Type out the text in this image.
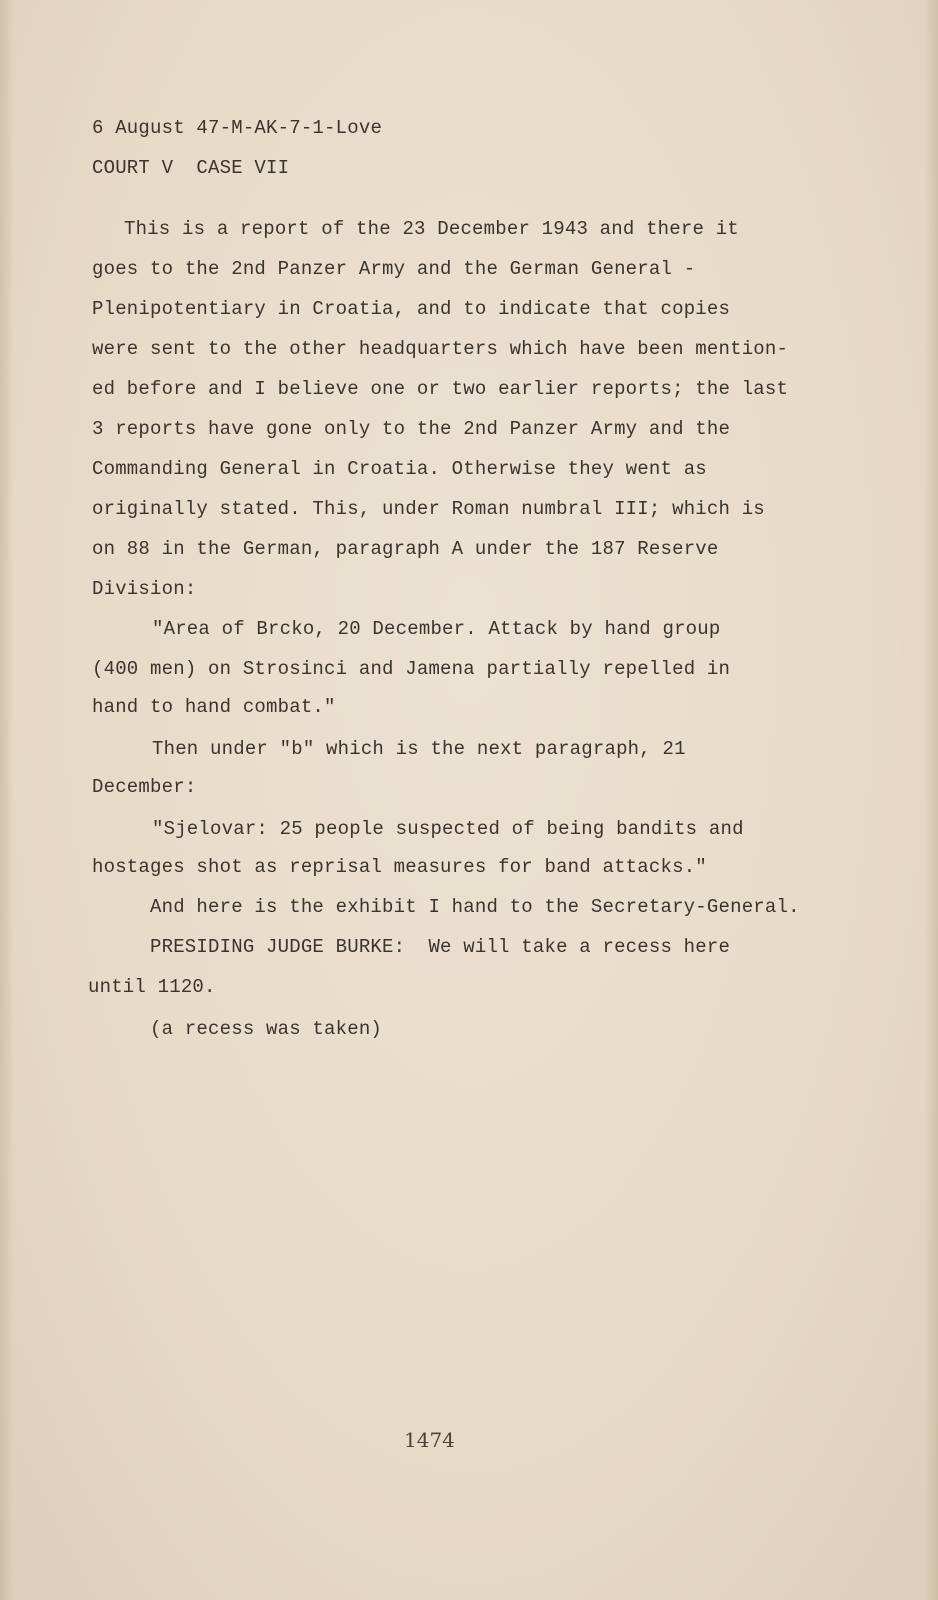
6 August 47-M-AK-7-1-Love
COURT V  CASE VII
This is a report of the 23 December 1943 and there it
goes to the 2nd Panzer Army and the German General -
Plenipotentiary in Croatia, and to indicate that copies
were sent to the other headquarters which have been mention-
ed before and I believe one or two earlier reports; the last
3 reports have gone only to the 2nd Panzer Army and the
Commanding General in Croatia. Otherwise they went as
originally stated. This, under Roman numbral III; which is
on 88 in the German, paragraph A under the 187 Reserve
Division:
"Area of Brcko, 20 December. Attack by hand group
(400 men) on Strosinci and Jamena partially repelled in
hand to hand combat."
Then under "b" which is the next paragraph, 21
December:
"Sjelovar: 25 people suspected of being bandits and
hostages shot as reprisal measures for band attacks."
And here is the exhibit I hand to the Secretary-General.
PRESIDING JUDGE BURKE:  We will take a recess here
until 1120.
(a recess was taken)
1474
